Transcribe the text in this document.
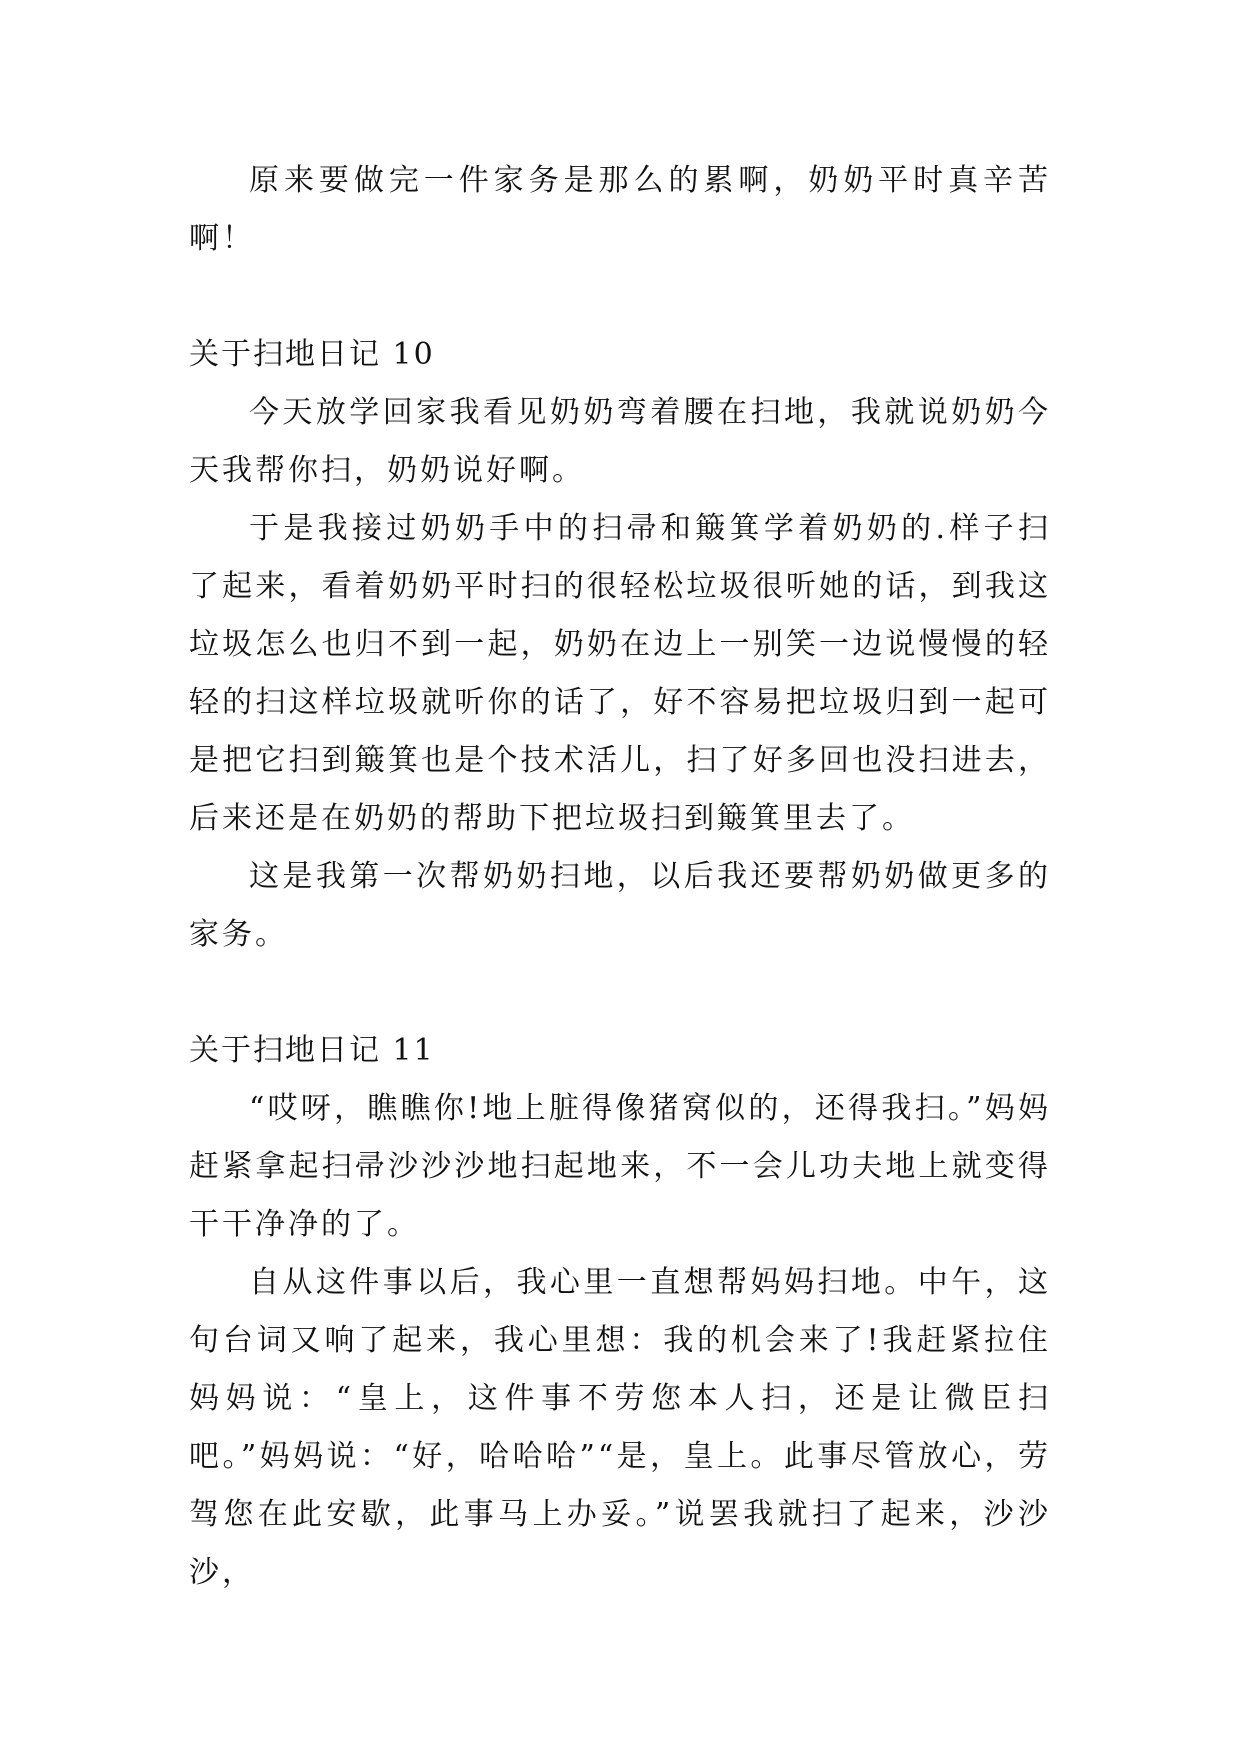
原来要做完一件家务是那么的累啊，奶奶平时真辛苦啊！

关于扫地日记 10

今天放学回家我看见奶奶弯着腰在扫地，我就说奶奶今天我帮你扫，奶奶说好啊。

于是我接过奶奶手中的扫帚和簸箕学着奶奶的.样子扫了起来，看着奶奶平时扫的很轻松垃圾很听她的话，到我这垃圾怎么也归不到一起，奶奶在边上一别笑一边说慢慢的轻轻的扫这样垃圾就听你的话了，好不容易把垃圾归到一起可是把它扫到簸箕也是个技术活儿，扫了好多回也没扫进去，后来还是在奶奶的帮助下把垃圾扫到簸箕里去了。

这是我第一次帮奶奶扫地，以后我还要帮奶奶做更多的家务。

关于扫地日记 11

“哎呀，瞧瞧你!地上脏得像猪窝似的，还得我扫。”妈妈赶紧拿起扫帚沙沙沙地扫起地来，不一会儿功夫地上就变得干干净净的了。

自从这件事以后，我心里一直想帮妈妈扫地。中午，这句台词又响了起来，我心里想：我的机会来了!我赶紧拉住妈妈说：“皇上，这件事不劳您本人扫，还是让微臣扫吧。”妈妈说：“好，哈哈哈”“是，皇上。此事尽管放心，劳驾您在此安歇，此事马上办妥。”说罢我就扫了起来，沙沙沙，
